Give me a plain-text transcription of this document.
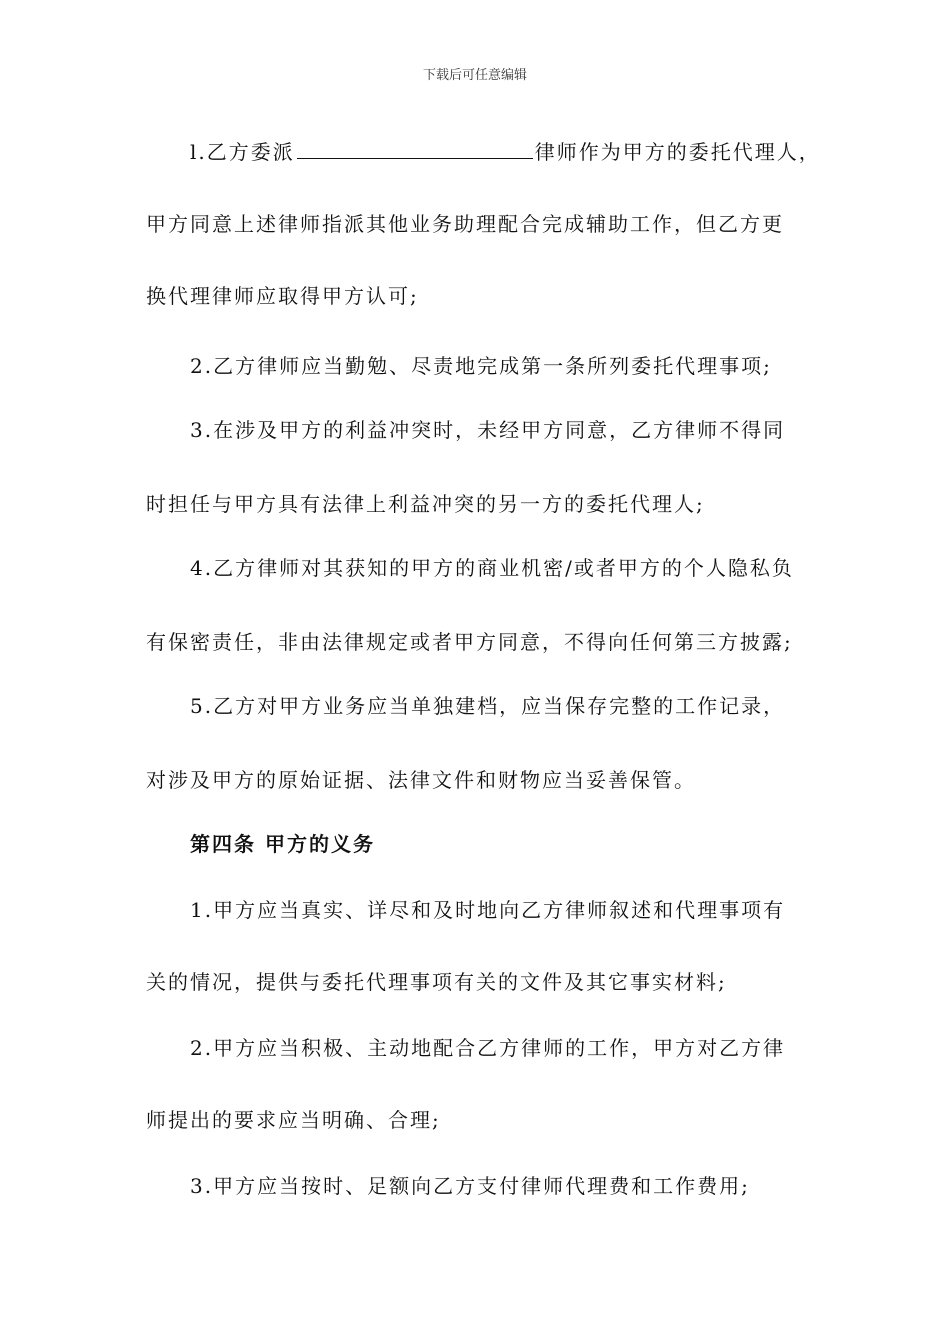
下载后可任意编辑
l.乙方委派	律师作为甲方的委托代理人，
甲方同意上述律师指派其他业务助理配合完成辅助工作，但乙方更
换代理律师应取得甲方认可;
2.乙方律师应当勤勉、尽责地完成第一条所列委托代理事项;
3.在涉及甲方的利益冲突时，未经甲方同意，乙方律师不得同
时担任与甲方具有法律上利益冲突的另一方的委托代理人;
4.乙方律师对其获知的甲方的商业机密/或者甲方的个人隐私负
有保密责任，非由法律规定或者甲方同意，不得向任何第三方披露;
5.乙方对甲方业务应当单独建档，应当保存完整的工作记录，
对涉及甲方的原始证据、法律文件和财物应当妥善保管。
第四条 甲方的义务
1.甲方应当真实、详尽和及时地向乙方律师叙述和代理事项有
关的情况，提供与委托代理事项有关的文件及其它事实材料;
2.甲方应当积极、主动地配合乙方律师的工作，甲方对乙方律
师提出的要求应当明确、合理;
3.甲方应当按时、足额向乙方支付律师代理费和工作费用;
